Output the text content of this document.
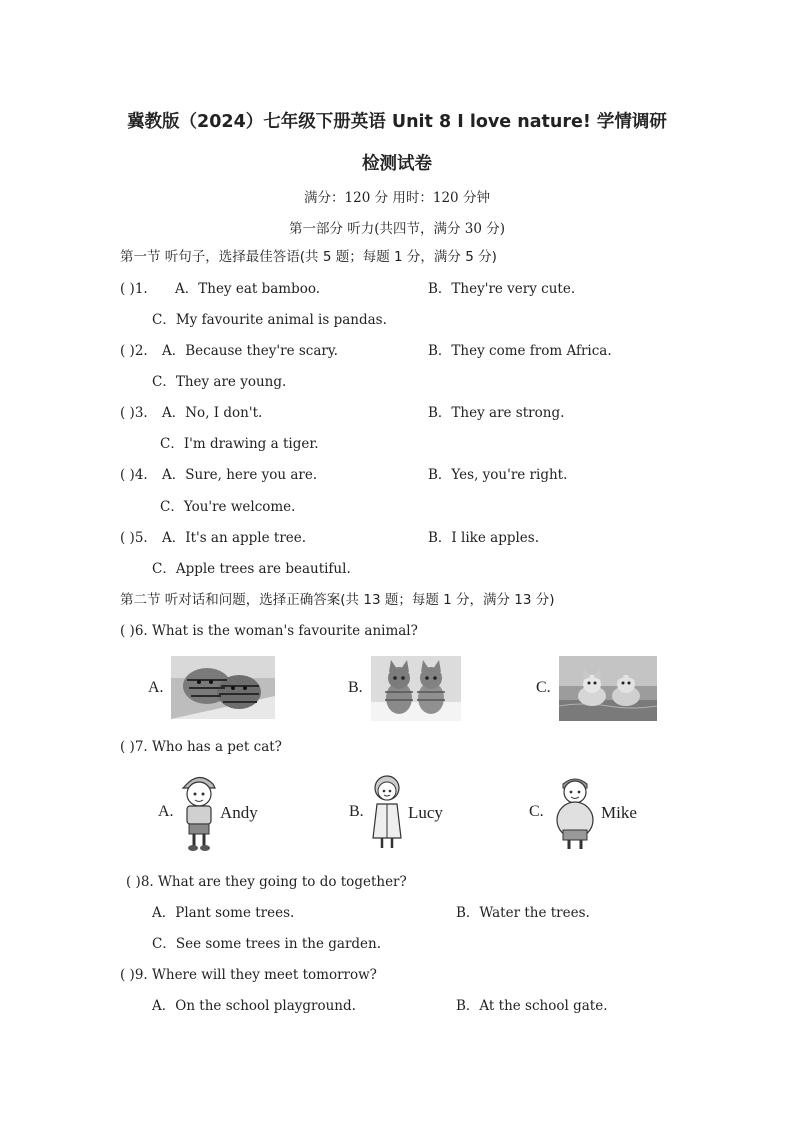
冀教版（2024）七年级下册英语 Unit 8 I love nature! 学情调研
检测试卷
满分：120 分 用时：120 分钟
第一部分 听力(共四节，满分 30 分)
第一节 听句子，选择最佳答语(共 5 题；每题 1 分，满分 5 分)
( )1. A．They eat bamboo.	B．They're very cute.
C．My favourite animal is pandas.
( )2. A．Because they're scary.	B．They come from Africa.
C．They are young.
( )3. A．No, I don't.	B．They are strong.
C．I'm drawing a tiger.
( )4. A．Sure, here you are.	B．Yes, you're right.
C．You're welcome.
( )5. A．It's an apple tree.	B．I like apples.
C．Apple trees are beautiful.
第二节 听对话和问题，选择正确答案(共 13 题；每题 1 分，满分 13 分)
( )6. What is the woman's favourite animal?
A.	B.	C.
( )7. Who has a pet cat?
A.	Andy	B.	Lucy	C.	Mike
( )8. What are they going to do together?
A．Plant some trees.	B．Water the trees.
C．See some trees in the garden.
( )9. Where will they meet tomorrow?
A．On the school playground.	B．At the school gate.
